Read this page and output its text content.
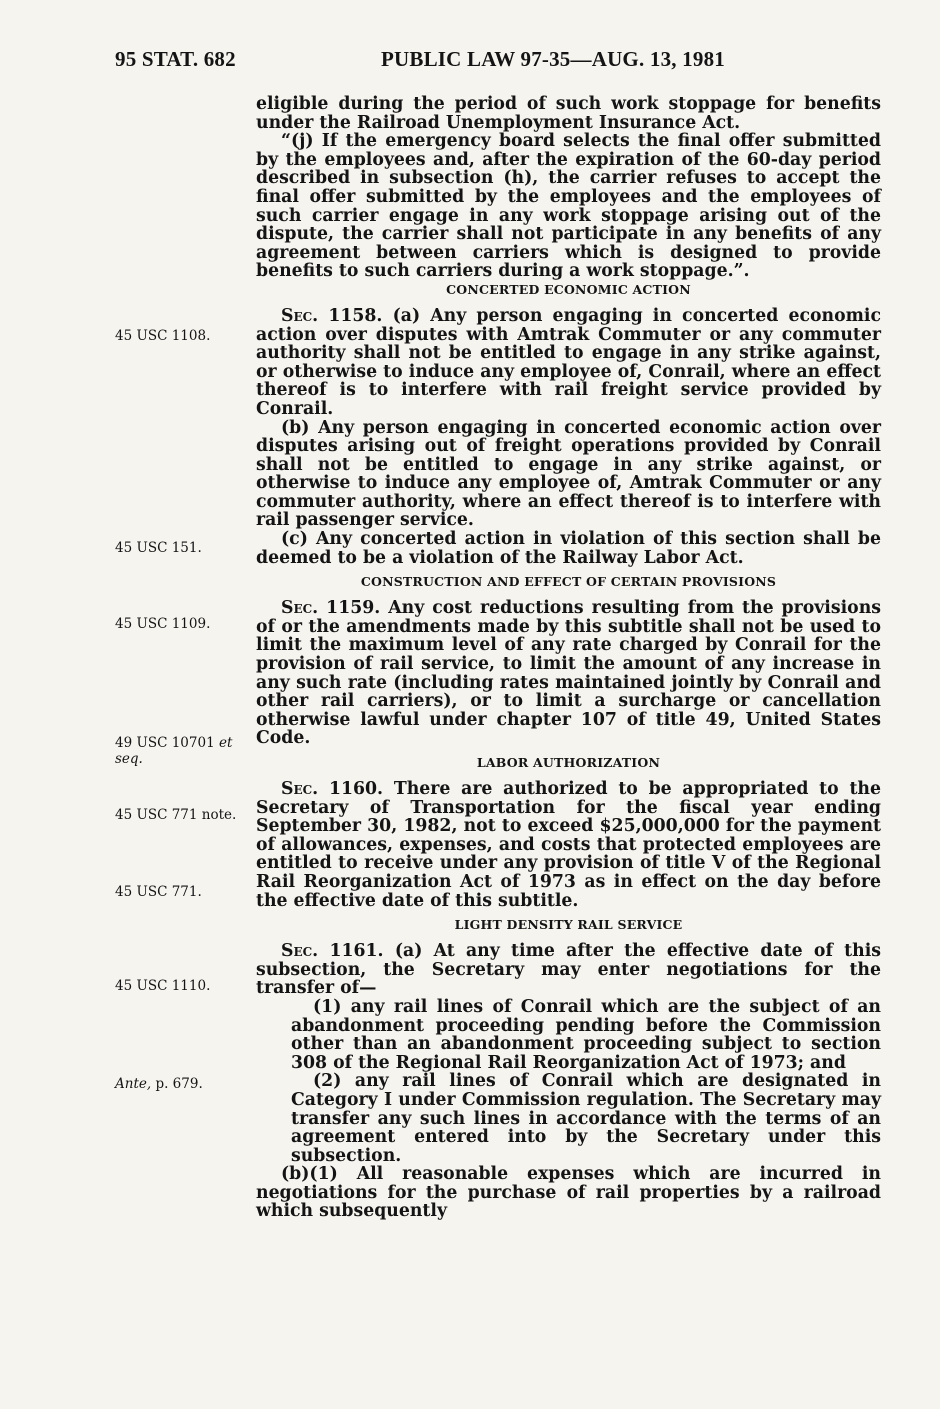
95 STAT. 682	PUBLIC LAW 97-35—AUG. 13, 1981
45 USC 1108.
45 USC 151.
45 USC 1109.
49 USC 10701 et
seq.
45 USC 771 note.
45 USC 771.
45 USC 1110.
Ante, p. 679.

eligible during the period of such work stoppage for benefits under the Railroad Unemployment Insurance Act.

“(j) If the emergency board selects the final offer submitted by the employees and, after the expiration of the 60-day period described in subsection (h), the carrier refuses to accept the final offer submitted by the employees and the employees of such carrier engage in any work stoppage arising out of the dispute, the carrier shall not participate in any benefits of any agreement between carriers which is designed to provide benefits to such carriers during a work stoppage.”.

CONCERTED ECONOMIC ACTION

Sec. 1158. (a) Any person engaging in concerted economic action over disputes with Amtrak Commuter or any commuter authority shall not be entitled to engage in any strike against, or otherwise to induce any employee of, Conrail, where an effect thereof is to interfere with rail freight service provided by Conrail.

(b) Any person engaging in concerted economic action over disputes arising out of freight operations provided by Conrail shall not be entitled to engage in any strike against, or otherwise to induce any employee of, Amtrak Commuter or any commuter authority, where an effect thereof is to interfere with rail passenger service.

(c) Any concerted action in violation of this section shall be deemed to be a violation of the Railway Labor Act.

CONSTRUCTION AND EFFECT OF CERTAIN PROVISIONS

Sec. 1159. Any cost reductions resulting from the provisions of or the amendments made by this subtitle shall not be used to limit the maximum level of any rate charged by Conrail for the provision of rail service, to limit the amount of any increase in any such rate (including rates maintained jointly by Conrail and other rail carriers), or to limit a surcharge or cancellation otherwise lawful under chapter 107 of title 49, United States Code.

LABOR AUTHORIZATION

Sec. 1160. There are authorized to be appropriated to the Secretary of Transportation for the fiscal year ending September 30, 1982, not to exceed $25,000,000 for the payment of allowances, expenses, and costs that protected employees are entitled to receive under any provision of title V of the Regional Rail Reorganization Act of 1973 as in effect on the day before the effective date of this subtitle.

LIGHT DENSITY RAIL SERVICE

Sec. 1161. (a) At any time after the effective date of this subsection, the Secretary may enter negotiations for the transfer of—

(1) any rail lines of Conrail which are the subject of an abandonment proceeding pending before the Commission other than an abandonment proceeding subject to section 308 of the Regional Rail Reorganization Act of 1973; and

(2) any rail lines of Conrail which are designated in Category I under Commission regulation. The Secretary may transfer any such lines in accordance with the terms of an agreement entered into by the Secretary under this subsection.

(b)(1) All reasonable expenses which are incurred in negotiations for the purchase of rail properties by a railroad which subsequently
